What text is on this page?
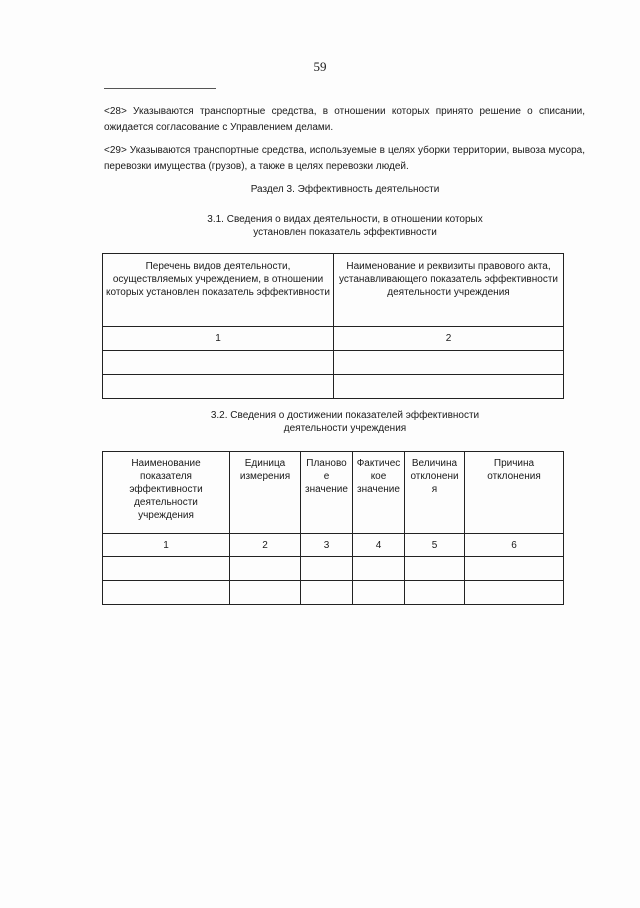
59
<28> Указываются транспортные средства, в отношении которых принято решение о списании, ожидается согласование с Управлением делами.
<29> Указываются транспортные средства, используемые в целях уборки территории, вывоза мусора, перевозки имущества (грузов), а также в целях перевозки людей.
Раздел 3. Эффективность деятельности
3.1. Сведения о видах деятельности, в отношении которых
установлен показатель эффективности
Перечень видов деятельности, осуществляемых учреждением, в отношении которых установлен показатель эффективности	Наименование и реквизиты правового акта, устанавливающего показатель эффективности деятельности учреждения
1	2

3.2. Сведения о достижении показателей эффективности
деятельности учреждения
Наименование показателя эффективности деятельности учреждения	Единица измерения	Планово е значение	Фактичес кое значение	Величина отклонени я	Причина отклонения
1	2	3	4	5	6
